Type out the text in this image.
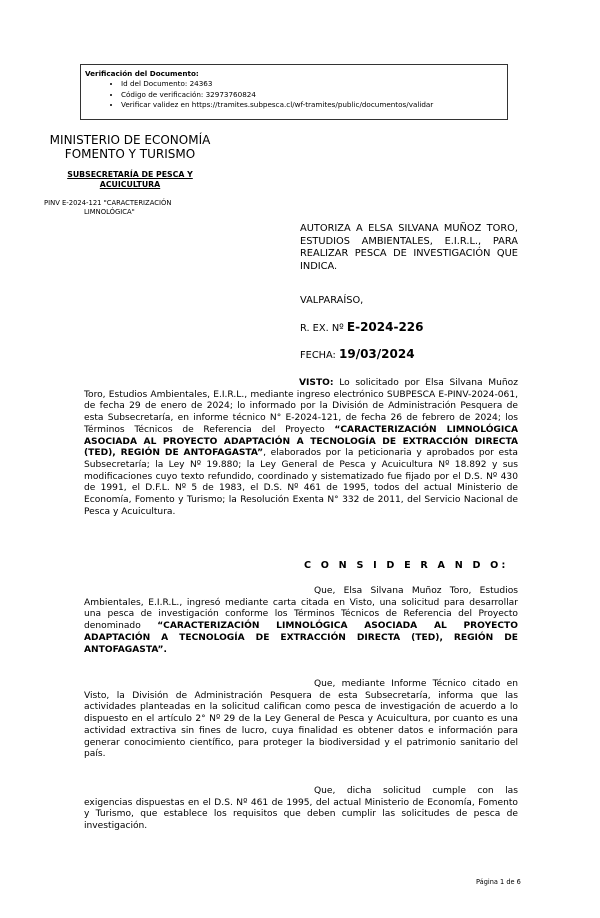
Verificación del Documento:
• Id del Documento: 24363
• Código de verificación: 32973760824
• Verificar validez en https://tramites.subpesca.cl/wf-tramites/public/documentos/validar
MINISTERIO DE ECONOMÍA
FOMENTO Y TURISMO
SUBSECRETARÍA DE PESCA Y
ACUICULTURA
PINV E-2024-121 "CARACTERIZACIÓN
LIMNOLÓGICA"
AUTORIZA A ELSA SILVANA MUÑOZ TORO, ESTUDIOS AMBIENTALES, E.I.R.L., PARA REALIZAR PESCA DE INVESTIGACIÓN QUE INDICA.
VALPARAÍSO,
R. EX. Nº E-2024-226
FECHA: 19/03/2024
VISTO: Lo solicitado por Elsa Silvana Muñoz Toro, Estudios Ambientales, E.I.R.L., mediante ingreso electrónico SUBPESCA E-PINV-2024-061, de fecha 29 de enero de 2024; lo informado por la División de Administración Pesquera de esta Subsecretaría, en informe técnico N° E-2024-121, de fecha 26 de febrero de 2024; los Términos Técnicos de Referencia del Proyecto “CARACTERIZACIÓN LIMNOLÓGICA ASOCIADA AL PROYECTO ADAPTACIÓN A TECNOLOGÍA DE EXTRACCIÓN DIRECTA (TED), REGIÓN DE ANTOFAGASTA”, elaborados por la peticionaria y aprobados por esta Subsecretaría; la Ley Nº 19.880; la Ley General de Pesca y Acuicultura Nº 18.892 y sus modificaciones cuyo texto refundido, coordinado y sistematizado fue fijado por el D.S. Nº 430 de 1991, el D.F.L. Nº 5 de 1983, el D.S. Nº 461 de 1995, todos del actual Ministerio de Economía, Fomento y Turismo; la Resolución Exenta N° 332 de 2011, del Servicio Nacional de Pesca y Acuicultura.
C O N S I D E R A N D O:
Que, Elsa Silvana Muñoz Toro, Estudios Ambientales, E.I.R.L., ingresó mediante carta citada en Visto, una solicitud para desarrollar una pesca de investigación conforme los Términos Técnicos de Referencia del Proyecto denominado “CARACTERIZACIÓN LIMNOLÓGICA ASOCIADA AL PROYECTO ADAPTACIÓN A TECNOLOGÍA DE EXTRACCIÓN DIRECTA (TED), REGIÓN DE ANTOFAGASTA”.
Que, mediante Informe Técnico citado en Visto, la División de Administración Pesquera de esta Subsecretaría, informa que las actividades planteadas en la solicitud califican como pesca de investigación de acuerdo a lo dispuesto en el artículo 2° Nº 29 de la Ley General de Pesca y Acuicultura, por cuanto es una actividad extractiva sin fines de lucro, cuya finalidad es obtener datos e información para generar conocimiento científico, para proteger la biodiversidad y el patrimonio sanitario del país.
Que, dicha solicitud cumple con las exigencias dispuestas en el D.S. Nº 461 de 1995, del actual Ministerio de Economía, Fomento y Turismo, que establece los requisitos que deben cumplir las solicitudes de pesca de investigación.
Página 1 de 6
